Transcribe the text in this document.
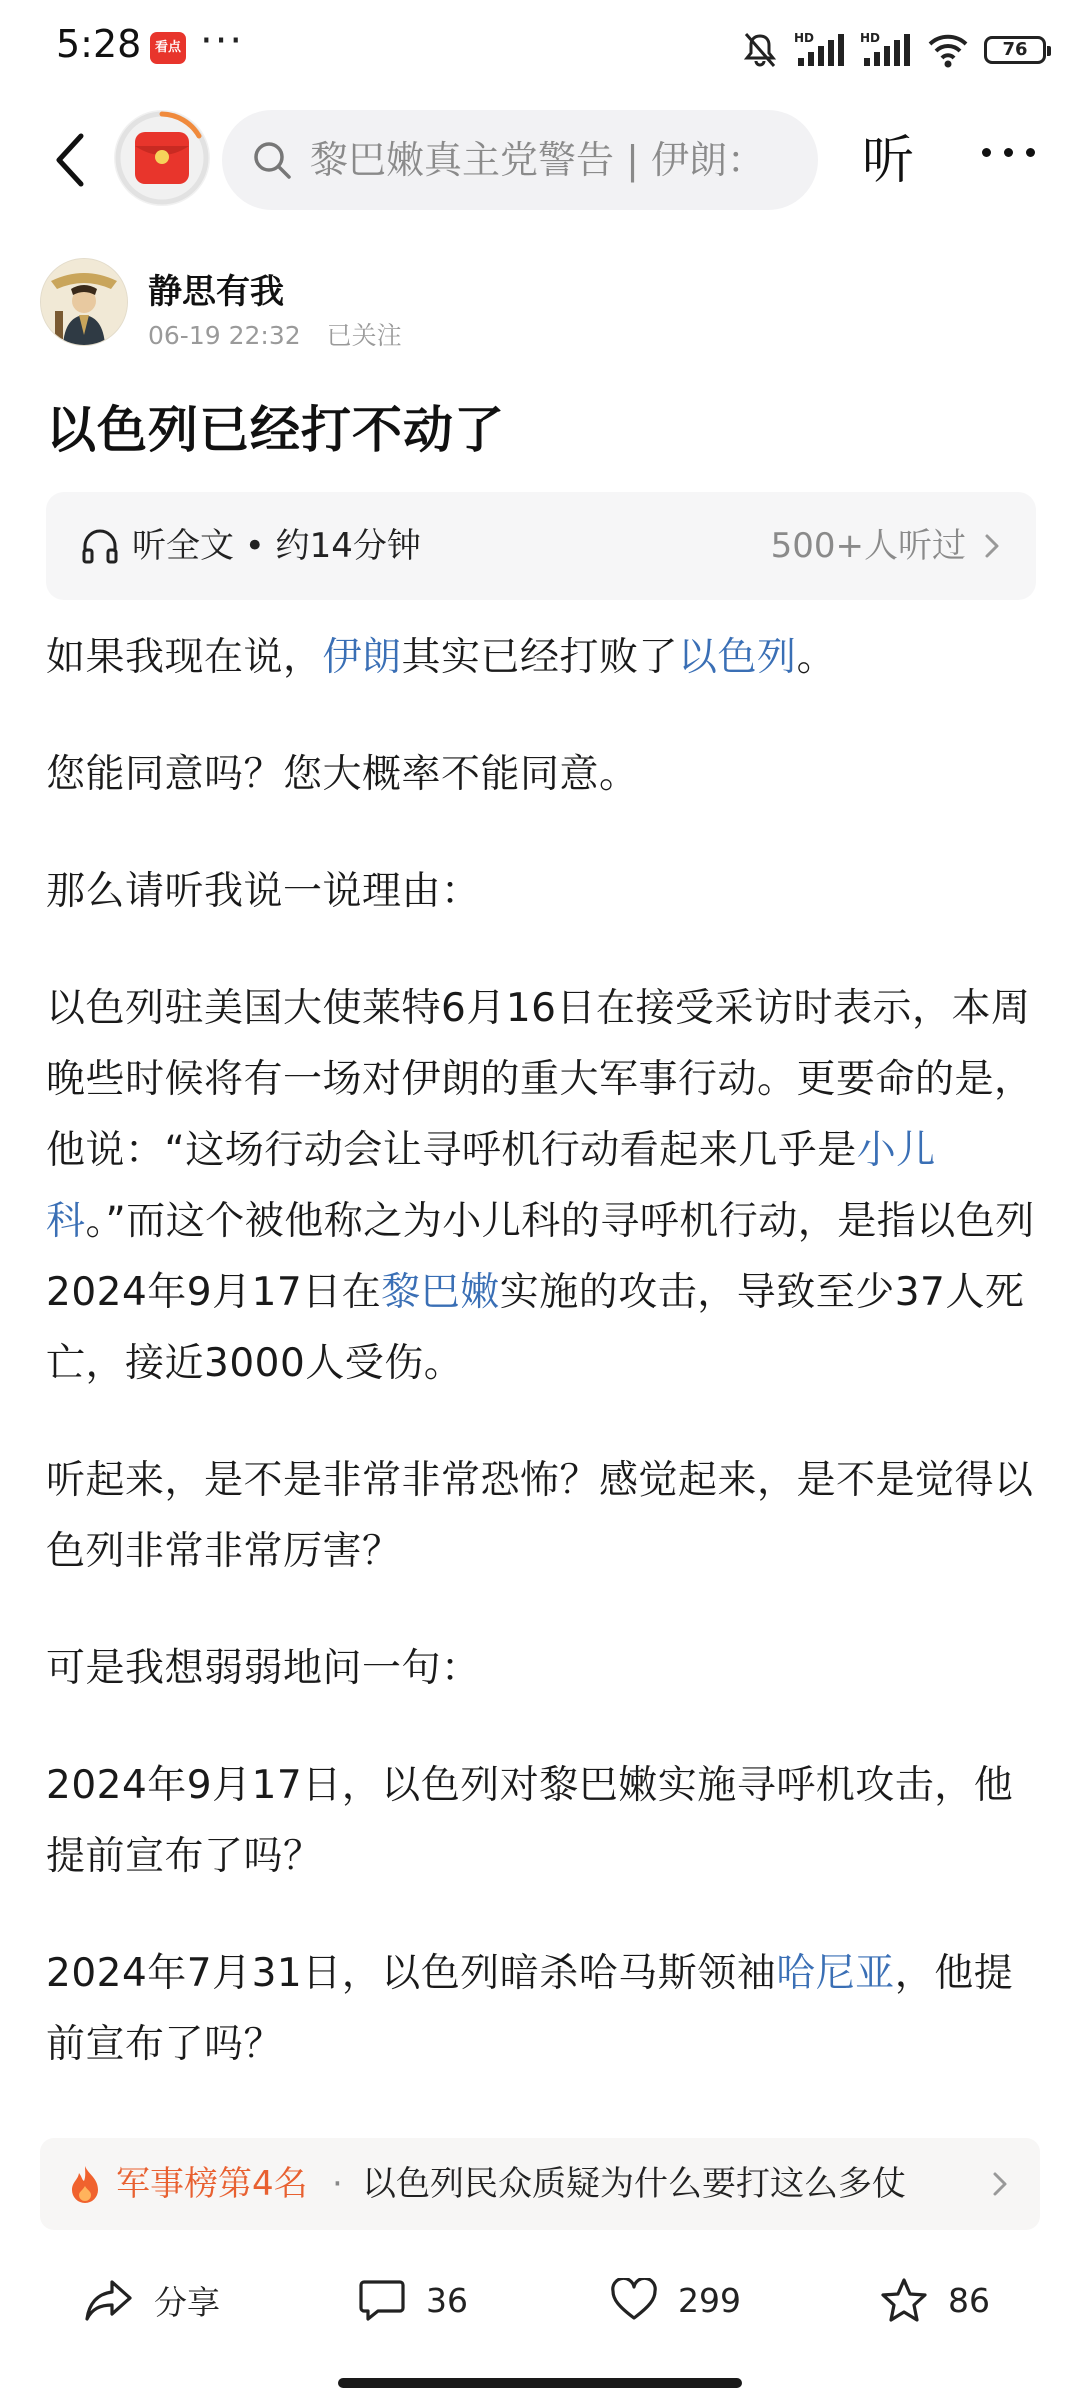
5:28	看点 ···	HD	HD
76
黎巴嫩真主党警告 | 伊朗：	听
静思有我
06-19 22:32 已关注
以色列已经打不动了
听全文 • 约14分钟	500+人听过

如果我现在说，伊朗其实已经打败了以色列。

您能同意吗？您大概率不能同意。

那么请听我说一说理由：

以色列驻美国大使莱特6月16日在接受采访时表示，本周晚些时候将有一场对伊朗的重大军事行动。更要命的是，他说：“这场行动会让寻呼机行动看起来几乎是小儿科。”而这个被他称之为小儿科的寻呼机行动，是指以色列2024年9月17日在黎巴嫩实施的攻击，导致至少37人死亡，接近3000人受伤。

听起来，是不是非常非常恐怖？感觉起来，是不是觉得以色列非常非常厉害？

可是我想弱弱地问一句：

2024年9月17日，以色列对黎巴嫩实施寻呼机攻击，他提前宣布了吗？

2024年7月31日，以色列暗杀哈马斯领袖哈尼亚，他提前宣布了吗？

军事榜第4名 · 以色列民众质疑为什么要打这么多仗
分享	36	299	86
